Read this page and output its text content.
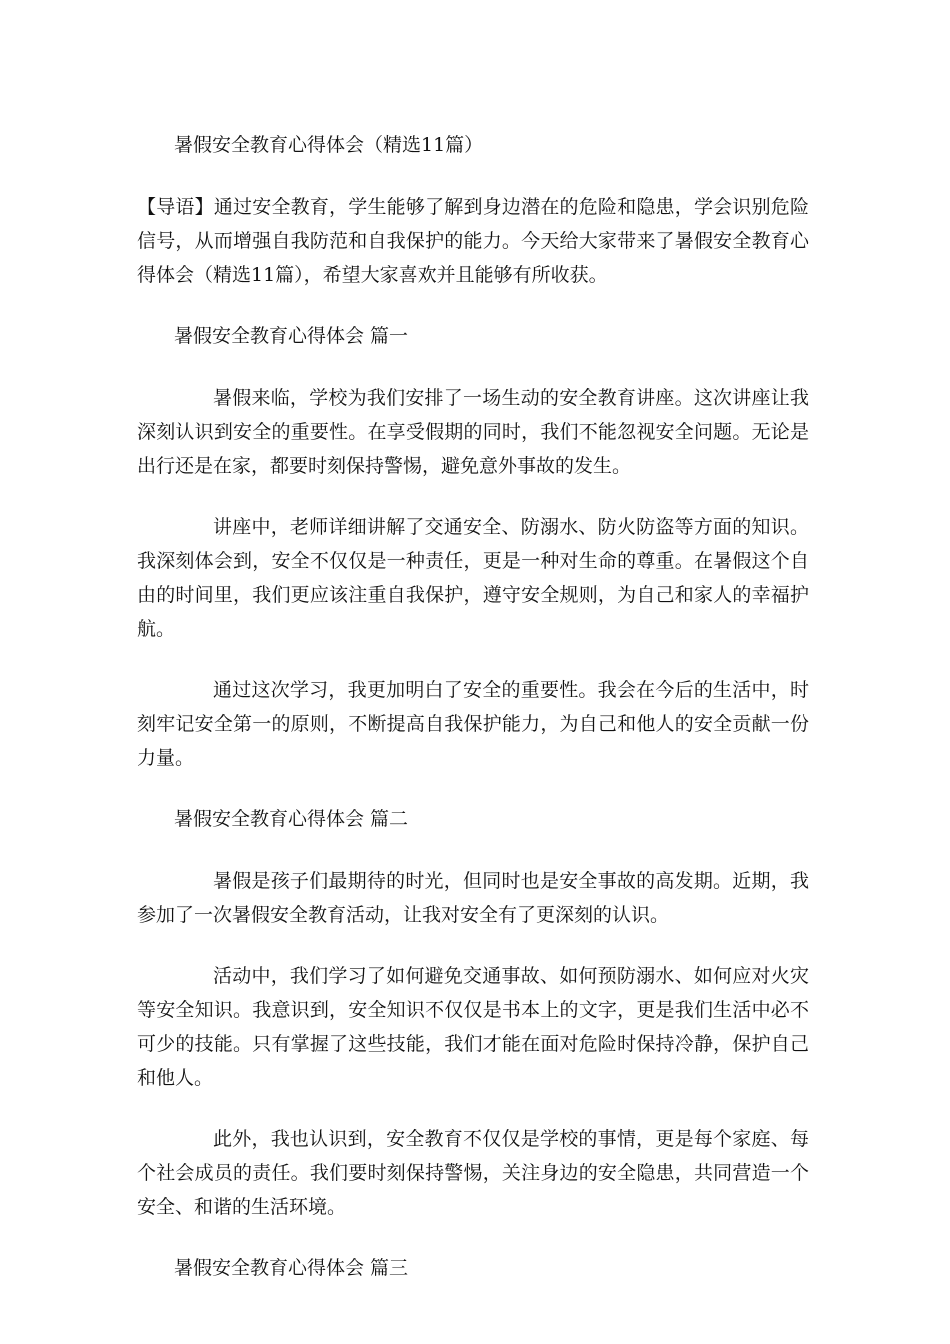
暑假安全教育心得体会（精选11篇）

【导语】通过安全教育，学生能够了解到身边潜在的危险和隐患，学会识别危险信号，从而增强自我防范和自我保护的能力。今天给大家带来了暑假安全教育心得体会（精选11篇），希望大家喜欢并且能够有所收获。

暑假安全教育心得体会 篇一

暑假来临，学校为我们安排了一场生动的安全教育讲座。这次讲座让我深刻认识到安全的重要性。在享受假期的同时，我们不能忽视安全问题。无论是出行还是在家，都要时刻保持警惕，避免意外事故的发生。

讲座中，老师详细讲解了交通安全、防溺水、防火防盗等方面的知识。我深刻体会到，安全不仅仅是一种责任，更是一种对生命的尊重。在暑假这个自由的时间里，我们更应该注重自我保护，遵守安全规则，为自己和家人的幸福护航。

通过这次学习，我更加明白了安全的重要性。我会在今后的生活中，时刻牢记安全第一的原则，不断提高自我保护能力，为自己和他人的安全贡献一份力量。

暑假安全教育心得体会 篇二

暑假是孩子们最期待的时光，但同时也是安全事故的高发期。近期，我参加了一次暑假安全教育活动，让我对安全有了更深刻的认识。

活动中，我们学习了如何避免交通事故、如何预防溺水、如何应对火灾等安全知识。我意识到，安全知识不仅仅是书本上的文字，更是我们生活中必不可少的技能。只有掌握了这些技能，我们才能在面对危险时保持冷静，保护自己和他人。

此外，我也认识到，安全教育不仅仅是学校的事情，更是每个家庭、每个社会成员的责任。我们要时刻保持警惕，关注身边的安全隐患，共同营造一个安全、和谐的生活环境。

暑假安全教育心得体会 篇三
